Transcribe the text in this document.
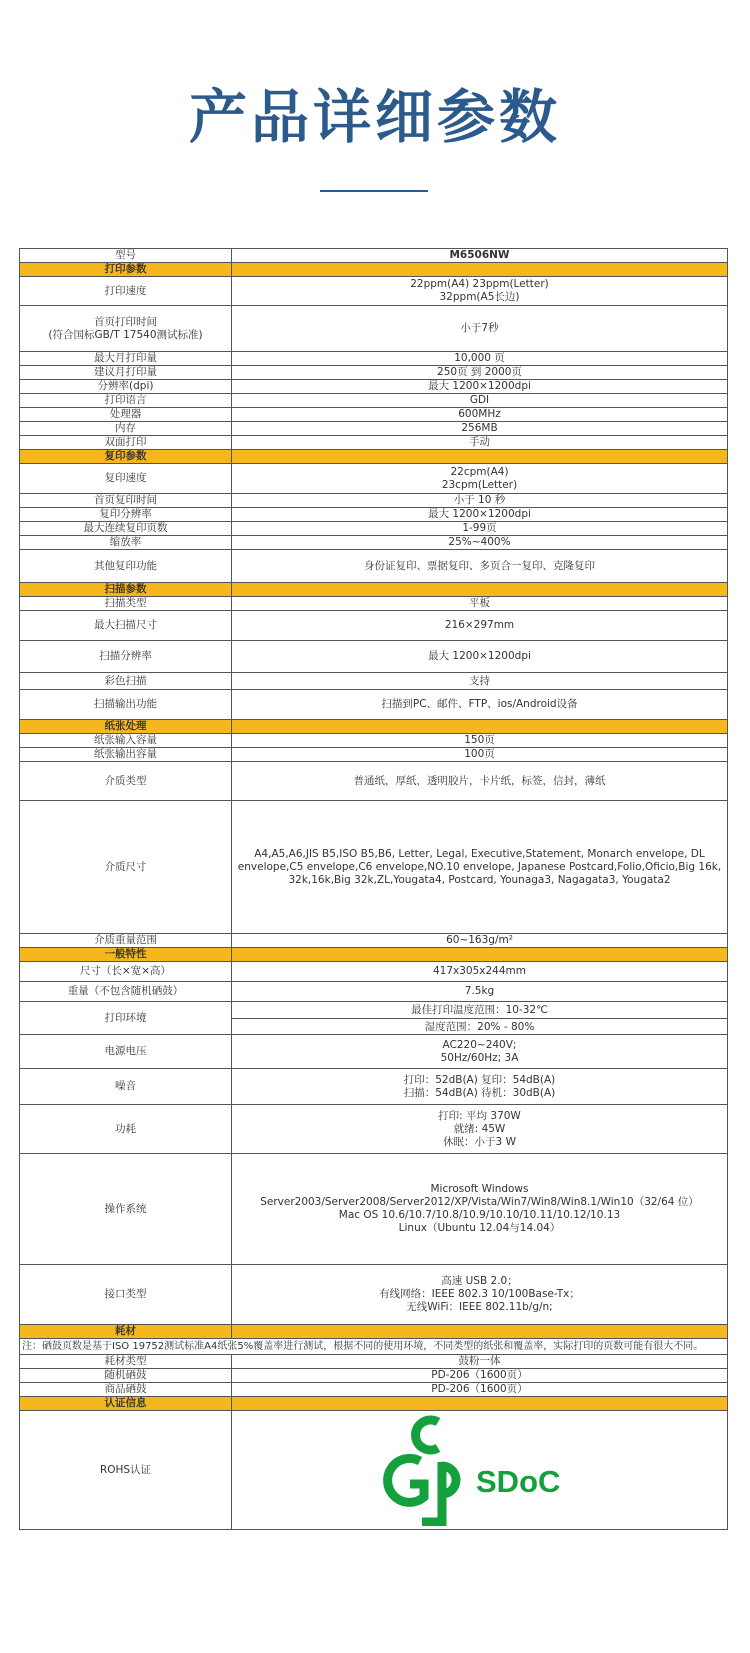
产品详细参数
型号	M6506NW
打印参数	
打印速度	22ppm(A4) 23ppm(Letter)
32ppm(A5长边)

首页打印时间
(符合国标GB/T 17540测试标准)	小于7秒
最大月打印量	10,000 页
建议月打印量	250页 到 2000页
分辨率(dpi)	最大 1200×1200dpi
打印语言	GDI
处理器	600MHz
内存	256MB
双面打印	手动
复印参数	
复印速度	22cpm(A4)
23cpm(Letter)

首页复印时间	小于 10 秒
复印分辨率	最大 1200×1200dpi
最大连续复印页数	1-99页
缩放率	25%~400%
其他复印功能	身份证复印、票据复印、多页合一复印、克隆复印
扫描参数	
扫描类型	平板
最大扫描尺寸	216×297mm
扫描分辨率	最大 1200×1200dpi
彩色扫描	支持
扫描输出功能	扫描到PC、邮件、FTP、ios/Android设备
纸张处理	
纸张输入容量	150页
纸张输出容量	100页
介质类型	普通纸，厚纸，透明胶片，卡片纸，标签，信封，薄纸
介质尺寸	A4,A5,A6,JIS B5,ISO B5,B6, Letter, Legal, Executive,Statement, Monarch envelope, DL envelope,C5 envelope,C6 envelope,NO.10 envelope, Japanese Postcard,Folio,Oficio,Big 16k, 32k,16k,Big 32k,ZL,Yougata4, Postcard, Younaga3, Nagagata3, Yougata2
介质重量范围	60~163g/m²
一般特性	
尺寸（长×宽×高）	417x305x244mm
重量（不包含随机硒鼓）	7.5kg
打印环境	最佳打印温度范围：10-32℃
湿度范围：20% - 80%

电源电压	AC220~240V;
50Hz/60Hz; 3A

噪音	打印：52dB(A) 复印：54dB(A)
扫描：54dB(A) 待机：30dB(A)

功耗	打印: 平均 370W
就绪: 45W
休眠：小于3 W

操作系统	Microsoft Windows
Server2003/Server2008/Server2012/XP/Vista/Win7/Win8/Win8.1/Win10（32/64 位）
Mac OS 10.6/10.7/10.8/10.9/10.10/10.11/10.12/10.13
Linux（Ubuntu 12.04与14.04）

接口类型	高速 USB 2.0；
有线网络：IEEE 802.3 10/100Base-Tx；
无线WiFi：IEEE 802.11b/g/n;

耗材	
注：硒鼓页数是基于ISO 19752测试标准A4纸张5%覆盖率进行测试，根据不同的使用环境，不同类型的纸张和覆盖率，实际打印的页数可能有很大不同。	
耗材类型	鼓粉一体
随机硒鼓	PD-206（1600页）
商品硒鼓	PD-206（1600页）
认证信息	
ROHS认证	SDoC
